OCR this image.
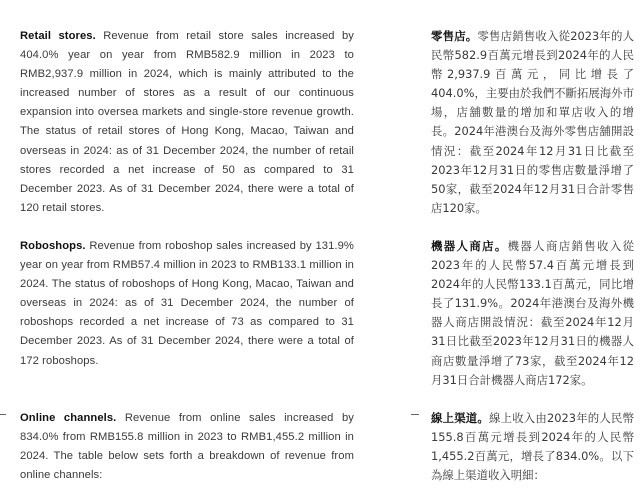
Retail stores. Revenue from retail store sales increased by 404.0% year on year from RMB582.9 million in 2023 to RMB2,937.9 million in 2024, which is mainly attributed to the increased number of stores as a result of our continuous expansion into oversea markets and single-store revenue growth. The status of retail stores of Hong Kong, Macao, Taiwan and overseas in 2024: as of 31 December 2024, the number of retail stores recorded a net increase of 50 as compared to 31 December 2023. As of 31 December 2024, there were a total of 120 retail stores.
Roboshops. Revenue from roboshop sales increased by 131.9% year on year from RMB57.4 million in 2023 to RMB133.1 million in 2024. The status of roboshops of Hong Kong, Macao, Taiwan and overseas in 2024: as of 31 December 2024, the number of roboshops recorded a net increase of 73 as compared to 31 December 2023. As of 31 December 2024, there were a total of 172 roboshops.
Online channels. Revenue from online sales increased by 834.0% from RMB155.8 million in 2023 to RMB1,455.2 million in 2024. The table below sets forth a breakdown of revenue from online channels:
零售店。零售店銷售收入從2023年的人民幣582.9百萬元增長到2024年的人民幣2,937.9百萬元，同比增長了404.0%，主要由於我們不斷拓展海外市場，店舖數量的增加和單店收入的增長。2024年港澳台及海外零售店舖開設情況：截至2024年12月31日比截至2023年12月31日的零售店數量淨增了50家，截至2024年12月31日合計零售店120家。
機器人商店。機器人商店銷售收入從2023年的人民幣57.4百萬元增長到2024年的人民幣133.1百萬元，同比增長了131.9%。2024年港澳台及海外機器人商店開設情況：截至2024年12月31日比截至2023年12月31日的機器人商店數量淨增了73家，截至2024年12月31日合計機器人商店172家。
線上渠道。線上收入由2023年的人民幣155.8百萬元增長到2024年的人民幣1,455.2百萬元，增長了834.0%。以下為線上渠道收入明細：
